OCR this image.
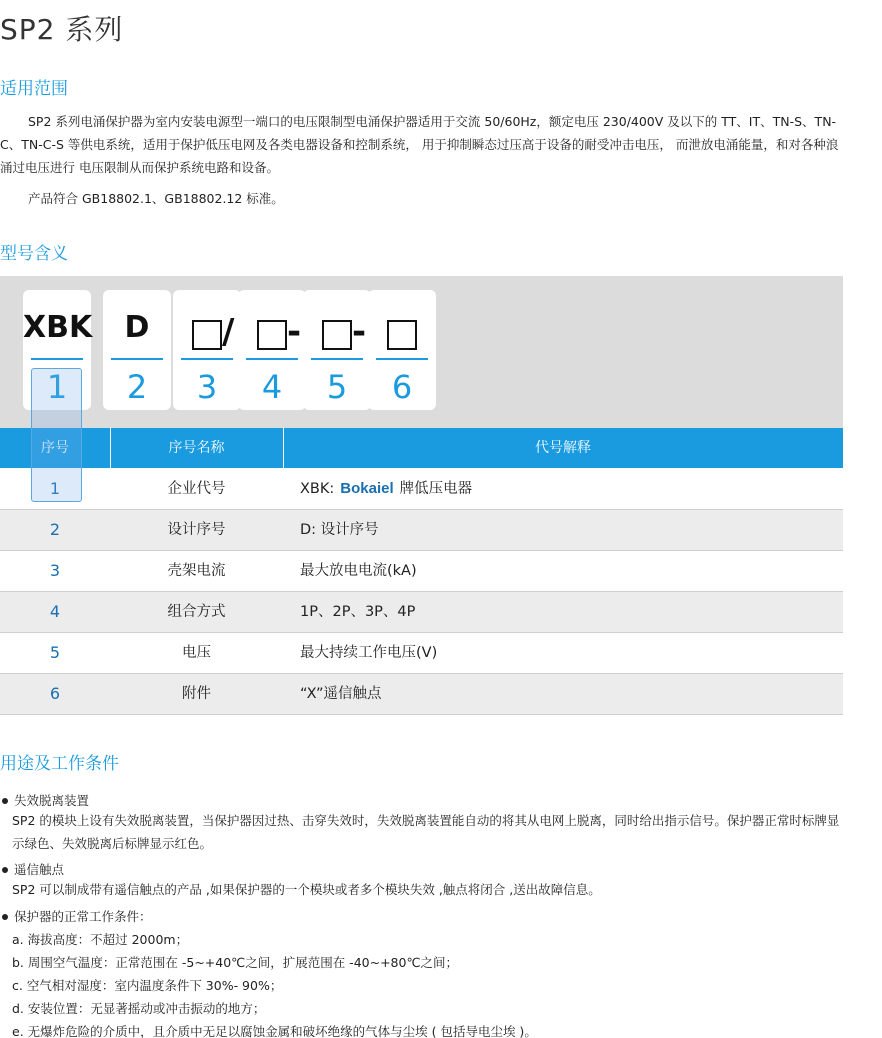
SP2 系列
适用范围
SP2 系列电涌保护器为室内安装电源型一端口的电压限制型电涌保护器适用于交流 50/60Hz，额定电压 230/400V 及以下的 TT、IT、TN-S、TN-C、TN-C-S 等供电系统，适用于保护低压电网及各类电器设备和控制系统， 用于抑制瞬态过压高于设备的耐受冲击电压， 而泄放电涌能量，和对各种浪涌过电压进行 电压限制从而保护系统电路和设备。
产品符合 GB18802.1、GB18802.12 标准。
型号含义
XBK
1
D
2	3
/
4
-
5
-
6
序号	序号名称	代号解释
1	企业代号	XBK: Bokaiel 牌低压电器
2	设计序号	D: 设计序号
3	壳架电流	最大放电电流(kA)
4	组合方式	1P、2P、3P、4P
5	电压	最大持续工作电压(V)
6	附件	“X”遥信触点
用途及工作条件
失效脱离装置
SP2 的模块上设有失效脱离装置，当保护器因过热、击穿失效时，失效脱离装置能自动的将其从电网上脱离，同时给出指示信号。保护器正常时标牌显示绿色、失效脱离后标牌显示红色。
遥信触点
SP2 可以制成带有遥信触点的产品 ,如果保护器的一个模块或者多个模块失效 ,触点将闭合 ,送出故障信息。
保护器的正常工作条件：
a. 海拔高度：不超过 2000m；
b. 周围空气温度：正常范围在 -5~+40℃之间，扩展范围在 -40~+80℃之间；
c. 空气相对湿度：室内温度条件下 30%- 90%；
d. 安装位置：无显著摇动或冲击振动的地方；
e. 无爆炸危险的介质中，且介质中无足以腐蚀金属和破坏绝缘的气体与尘埃 ( 包括导电尘埃 )。
